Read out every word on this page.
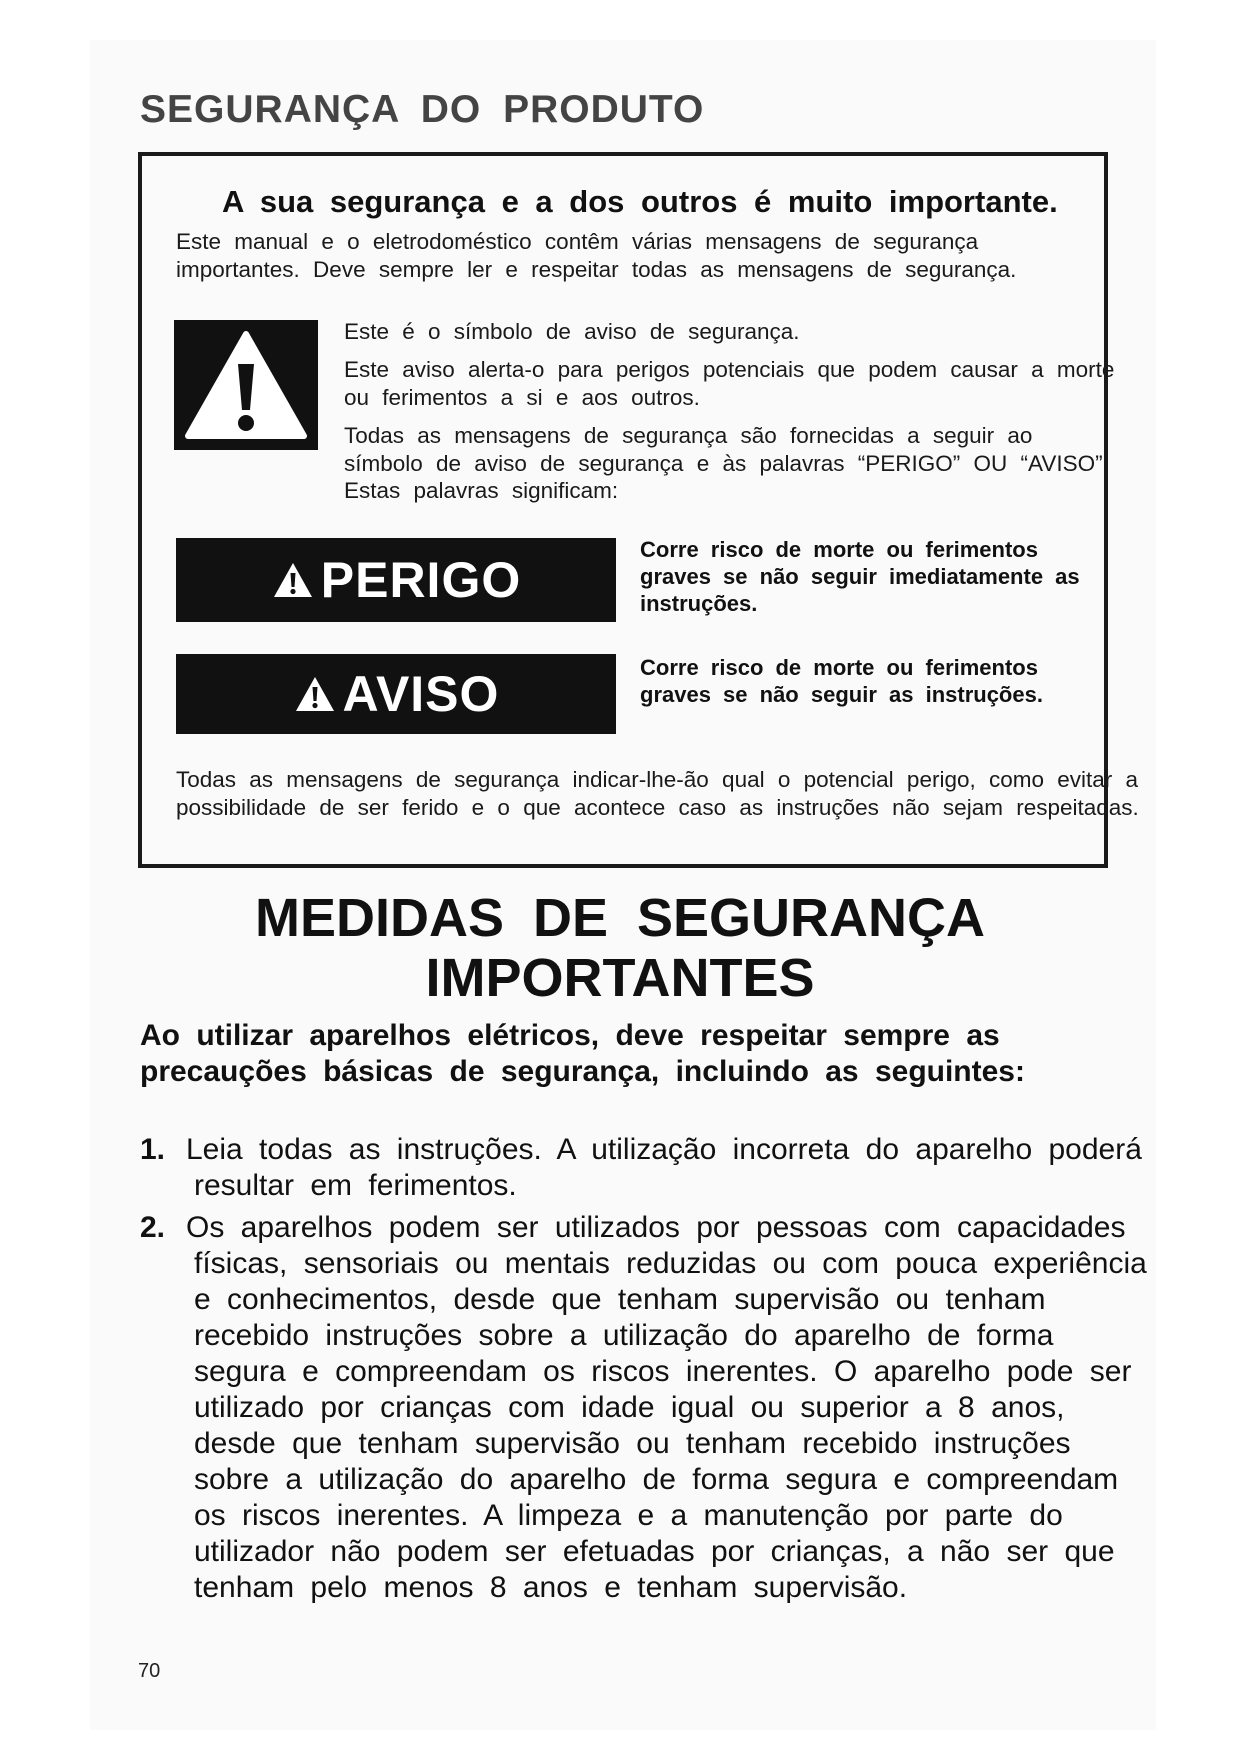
SEGURANÇA DO PRODUTO
A sua segurança e a dos outros é muito importante.
Este manual e o eletrodoméstico contêm várias mensagens de segurança
importantes. Deve sempre ler e respeitar todas as mensagens de segurança.
Este é o símbolo de aviso de segurança.
Este aviso alerta-o para perigos potenciais que podem causar a morte ou ferimentos a si e aos outros.
Todas as mensagens de segurança são fornecidas a seguir ao símbolo de aviso de segurança e às palavras “PERIGO” OU “AVISO”. Estas palavras significam:
PERIGO
Corre risco de morte ou ferimentos graves se não seguir imediatamente as instruções.
AVISO	Corre risco de morte ou ferimentos graves se não seguir as instruções.
Todas as mensagens de segurança indicar-lhe-ão qual o potencial perigo, como evitar a possibilidade de ser ferido e o que acontece caso as instruções não sejam respeitadas.
MEDIDAS DE SEGURANÇA
IMPORTANTES
Ao utilizar aparelhos elétricos, deve respeitar sempre as precauções básicas de segurança, incluindo as seguintes:

1. Leia todas as instruções. A utilização incorreta do aparelho poderá resultar em ferimentos.

2. Os aparelhos podem ser utilizados por pessoas com capacidades físicas, sensoriais ou mentais reduzidas ou com pouca experiência e conhecimentos, desde que tenham supervisão ou tenham recebido instruções sobre a utilização do aparelho de forma segura e compreendam os riscos inerentes. O aparelho pode ser utilizado por crianças com idade igual ou superior a 8 anos, desde que tenham supervisão ou tenham recebido instruções sobre a utilização do aparelho de forma segura e compreendam os riscos inerentes. A limpeza e a manutenção por parte do utilizador não podem ser efetuadas por crianças, a não ser que tenham pelo menos 8 anos e tenham supervisão.

70
